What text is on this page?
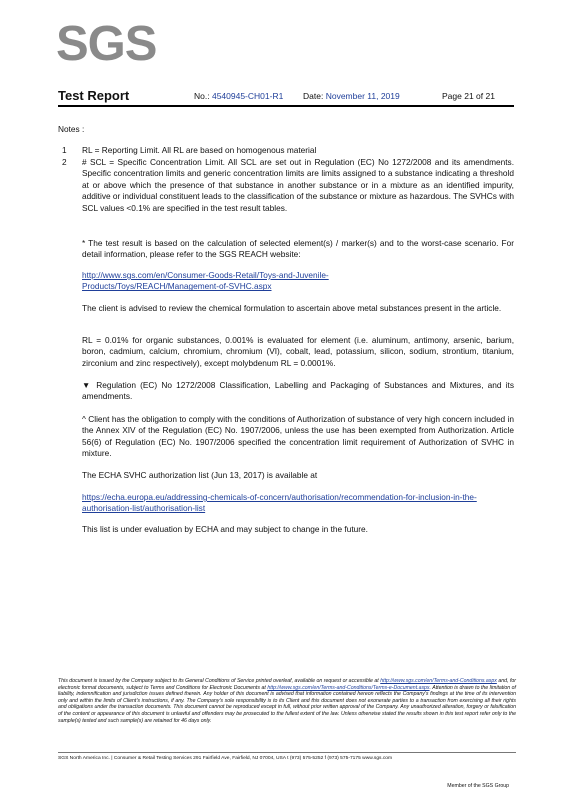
SGS
Test Report	No.: 4540945-CH01-R1 Date: November 11, 2019	Page 21 of 21
Notes :
1 RL = Reporting Limit. All RL are based on homogenous material
2 # SCL = Specific Concentration Limit. All SCL are set out in Regulation (EC) No 1272/2008 and its amendments. Specific concentration limits and generic concentration limits are limits assigned to a substance indicating a threshold at or above which the presence of that substance in another substance or in a mixture as an identified impurity, additive or individual constituent leads to the classification of the substance or mixture as hazardous. The SVHCs with SCL values <0.1% are specified in the test result tables.
* The test result is based on the calculation of selected element(s) / marker(s) and to the worst-case scenario. For detail information, please refer to the SGS REACH website:
http://www.sgs.com/en/Consumer-Goods-Retail/Toys-and-Juvenile-Products/Toys/REACH/Management-of-SVHC.aspx
The client is advised to review the chemical formulation to ascertain above metal substances present in the article.
RL = 0.01% for organic substances, 0.001% is evaluated for element (i.e. aluminum, antimony, arsenic, barium, boron, cadmium, calcium, chromium, chromium (VI), cobalt, lead, potassium, silicon, sodium, strontium, titanium, zirconium and zinc respectively), except molybdenum RL = 0.0001%.
▼ Regulation (EC) No 1272/2008 Classification, Labelling and Packaging of Substances and Mixtures, and its amendments.
^ Client has the obligation to comply with the conditions of Authorization of substance of very high concern included in the Annex XIV of the Regulation (EC) No. 1907/2006, unless the use has been exempted from Authorization. Article 56(6) of Regulation (EC) No. 1907/2006 specified the concentration limit requirement of Authorization of SVHC in mixture.
The ECHA SVHC authorization list (Jun 13, 2017) is available at
https://echa.europa.eu/addressing-chemicals-of-concern/authorisation/recommendation-for-inclusion-in-the-authorisation-list/authorisation-list
This list is under evaluation by ECHA and may subject to change in the future.
This document is issued by the Company subject to its General Conditions of Service printed overleaf, available on request or accessible at http://www.sgs.com/en/Terms-and-Conditions.aspx and, for electronic format documents, subject to Terms and Conditions for Electronic Documents at http://www.sgs.com/en/Terms-and-Conditions/Terms-e-Document.aspx. Attention is drawn to the limitation of liability, indemnification and jurisdiction issues defined therein. Any holder of this document is advised that information contained hereon reflects the Company's findings at the time of its intervention only and within the limits of Client's instructions, if any. The Company's sole responsibility is to its Client and this document does not exonerate parties to a transaction from exercising all their rights and obligations under the transaction documents. This document cannot be reproduced except in full, without prior written approval of the Company. Any unauthorized alteration, forgery or falsification of the content or appearance of this document is unlawful and offenders may be prosecuted to the fullest extent of the law. Unless otherwise stated the results shown in this test report refer only to the sample(s) tested and such sample(s) are retained for 46 days only.
SGS North America Inc. | Consumer & Retail Testing Services 291 Fairfield Ave, Fairfield, NJ 07004, USA t (973) 575-5252 f (973) 575-7175 www.sgs.com
Member of the SGS Group
